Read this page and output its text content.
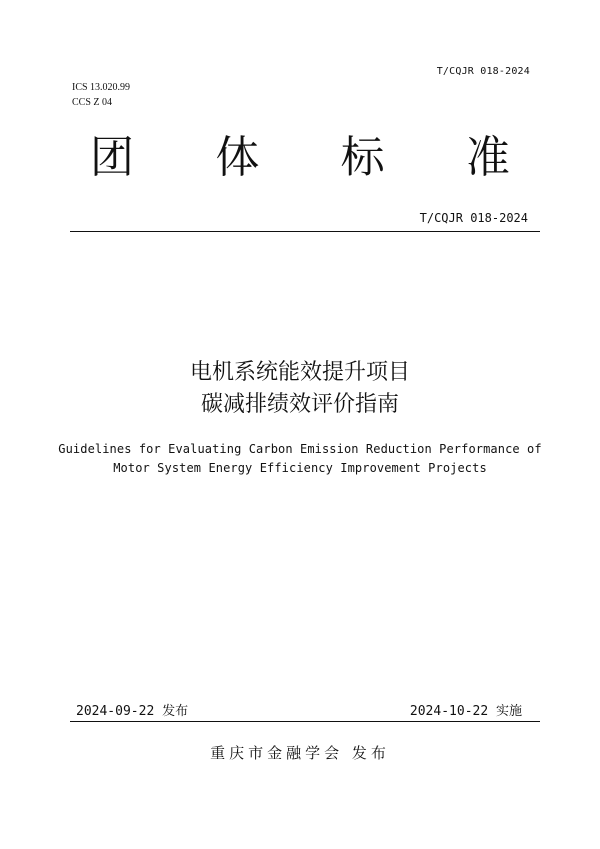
T/CQJR 018-2024
ICS 13.020.99
CCS Z 04
团 体 标 准
T/CQJR 018-2024
电机系统能效提升项目
碳减排绩效评价指南
Guidelines for Evaluating Carbon Emission Reduction Performance of
Motor System Energy Efficiency Improvement Projects
2024-09-22 发布	2024-10-22 实施
重庆市金融学会 发布
